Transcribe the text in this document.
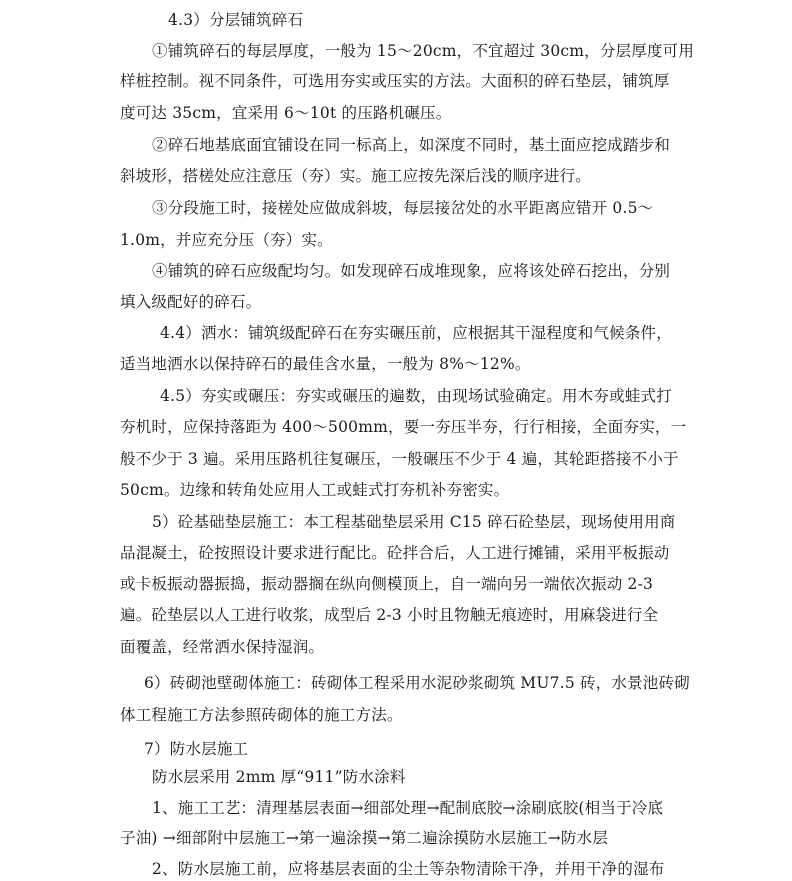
4.3）分层铺筑碎石
①铺筑碎石的每层厚度，一般为 15～20cm，不宜超过 30cm，分层厚度可用
样桩控制。视不同条件，可选用夯实或压实的方法。大面积的碎石垫层，铺筑厚
度可达 35cm，宜采用 6～10t 的压路机碾压。
②碎石地基底面宜铺设在同一标高上，如深度不同时，基土面应挖成踏步和
斜坡形，搭槎处应注意压（夯）实。施工应按先深后浅的顺序进行。
③分段施工时，接槎处应做成斜坡，每层接岔处的水平距离应错开 0.5～
1.0m，并应充分压（夯）实。
④铺筑的碎石应级配均匀。如发现碎石成堆现象，应将该处碎石挖出，分别
填入级配好的碎石。
4.4）洒水：铺筑级配碎石在夯实碾压前，应根据其干湿程度和气候条件，
适当地洒水以保持碎石的最佳含水量，一般为 8%～12%。
4.5）夯实或碾压：夯实或碾压的遍数，由现场试验确定。用木夯或蛙式打
夯机时，应保持落距为 400～500mm，要一夯压半夯，行行相接，全面夯实，一
般不少于 3 遍。采用压路机往复碾压，一般碾压不少于 4 遍，其轮距搭接不小于
50cm。边缘和转角处应用人工或蛙式打夯机补夯密实。
5）砼基础垫层施工：本工程基础垫层采用 C15 碎石砼垫层，现场使用用商
品混凝土，砼按照设计要求进行配比。砼拌合后，人工进行摊铺，采用平板振动
或卡板振动器振捣，振动器搁在纵向侧模顶上，自一端向另一端依次振动 2-3
遍。砼垫层以人工进行收浆，成型后 2-3 小时且物触无痕迹时，用麻袋进行全
面覆盖，经常洒水保持湿润。
6）砖砌池壁砌体施工：砖砌体工程采用水泥砂浆砌筑 MU7.5 砖，水景池砖砌
体工程施工方法参照砖砌体的施工方法。
7）防水层施工
防水层采用 2mm 厚“911”防水涂料
1、施工工艺：清理基层表面→细部处理→配制底胶→涂刷底胶(相当于冷底
子油) →细部附中层施工→第一遍涂摸→第二遍涂摸防水层施工→防水层
2、防水层施工前，应将基层表面的尘土等杂物清除干净，并用干净的湿布
